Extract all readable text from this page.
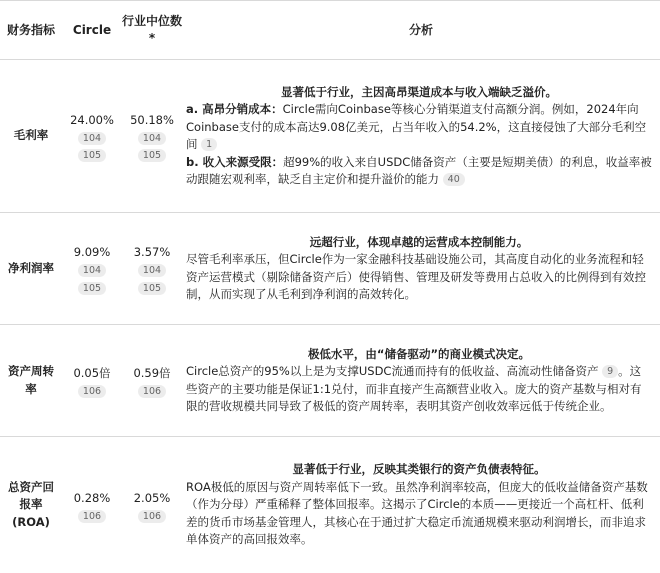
财务指标	Circle	行业中位数*	分析
毛利率	24.00%
104
105	50.18%
104
105	显著低于行业，主因高昂渠道成本与收入端缺乏溢价。
a. 高昂分销成本：Circle需向Coinbase等核心分销渠道支付高额分润。例如，2024年向Coinbase支付的成本高达9.08亿美元，占当年收入的54.2%，这直接侵蚀了大部分毛利空间 1
b. 收入来源受限：超99%的收入来自USDC储备资产（主要是短期美债）的利息，收益率被动跟随宏观利率，缺乏自主定价和提升溢价的能力 40

净利润率	9.09%
104
105	3.57%
104
105	远超行业，体现卓越的运营成本控制能力。
尽管毛利率承压，但Circle作为一家金融科技基础设施公司，其高度自动化的业务流程和轻资产运营模式（剔除储备资产后）使得销售、管理及研发等费用占总收入的比例得到有效控制，从而实现了从毛利到净利润的高效转化。

资产周转率	0.05倍
106	0.59倍
106	极低水平，由“储备驱动”的商业模式决定。
Circle总资产的95%以上是为支撑USDC流通而持有的低收益、高流动性储备资产 9 。这些资产的主要功能是保证1:1兑付，而非直接产生高额营业收入。庞大的资产基数与相对有限的营收规模共同导致了极低的资产周转率，表明其资产创收效率远低于传统企业。

总资产回报率(ROA)	0.28%
106	2.05%
106	显著低于行业，反映其类银行的资产负债表特征。
ROA极低的原因与资产周转率低下一致。虽然净利润率较高，但庞大的低收益储备资产基数（作为分母）严重稀释了整体回报率。这揭示了Circle的本质——更接近一个高杠杆、低利差的货币市场基金管理人，其核心在于通过扩大稳定币流通规模来驱动利润增长，而非追求单体资产的高回报效率。
